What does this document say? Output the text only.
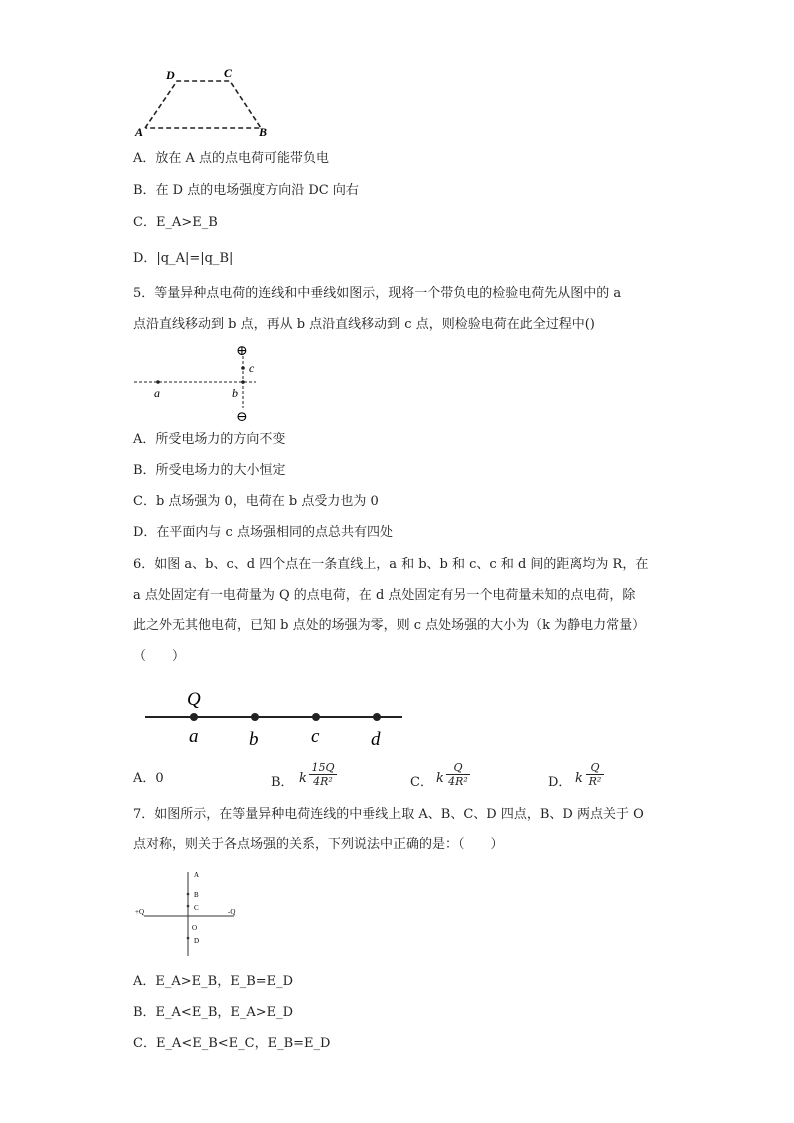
D	C
A	B
A．放在 A 点的点电荷可能带负电
B．在 D 点的电场强度方向沿 DC 向右
C．E_A>E_B
D．|q_A|=|q_B|
5．等量异种点电荷的连线和中垂线如图示，现将一个带负电的检验电荷先从图中的 a
点沿直线移动到 b 点，再从 b 点沿直线移动到 c 点，则检验电荷在此全过程中()
⊕
⊖
c
b
a
A．所受电场力的方向不变
B．所受电场力的大小恒定
C．b 点场强为 0，电荷在 b 点受力也为 0
D．在平面内与 c 点场强相同的点总共有四处
6．如图 a、b、c、d 四个点在一条直线上，a 和 b、b 和 c、c 和 d 间的距离均为 R，在
a 点处固定有一电荷量为 Q 的点电荷，在 d 点处固定有另一个电荷量未知的点电荷，除
此之外无其他电荷，已知 b 点处的场强为零，则 c 点处场强的大小为（k 为静电力常量）
（　　）
Q
a	b	c	d
A．0	B． k $\frac{15Q}{\text{4R²}}$	C． k $\frac{Q}{\text{4R²}}$	D． k $\frac{Q}{\text{R²}}$
7．如图所示，在等量异种电荷连线的中垂线上取 A、B、C、D 四点，B、D 两点关于 O
点对称，则关于各点场强的关系，下列说法中正确的是：（　　）
A
B
C
O
D
+Q	-Q
A．E_A>E_B，E_B=E_D
B．E_A<E_B，E_A>E_D
C．E_A<E_B<E_C，E_B=E_D
